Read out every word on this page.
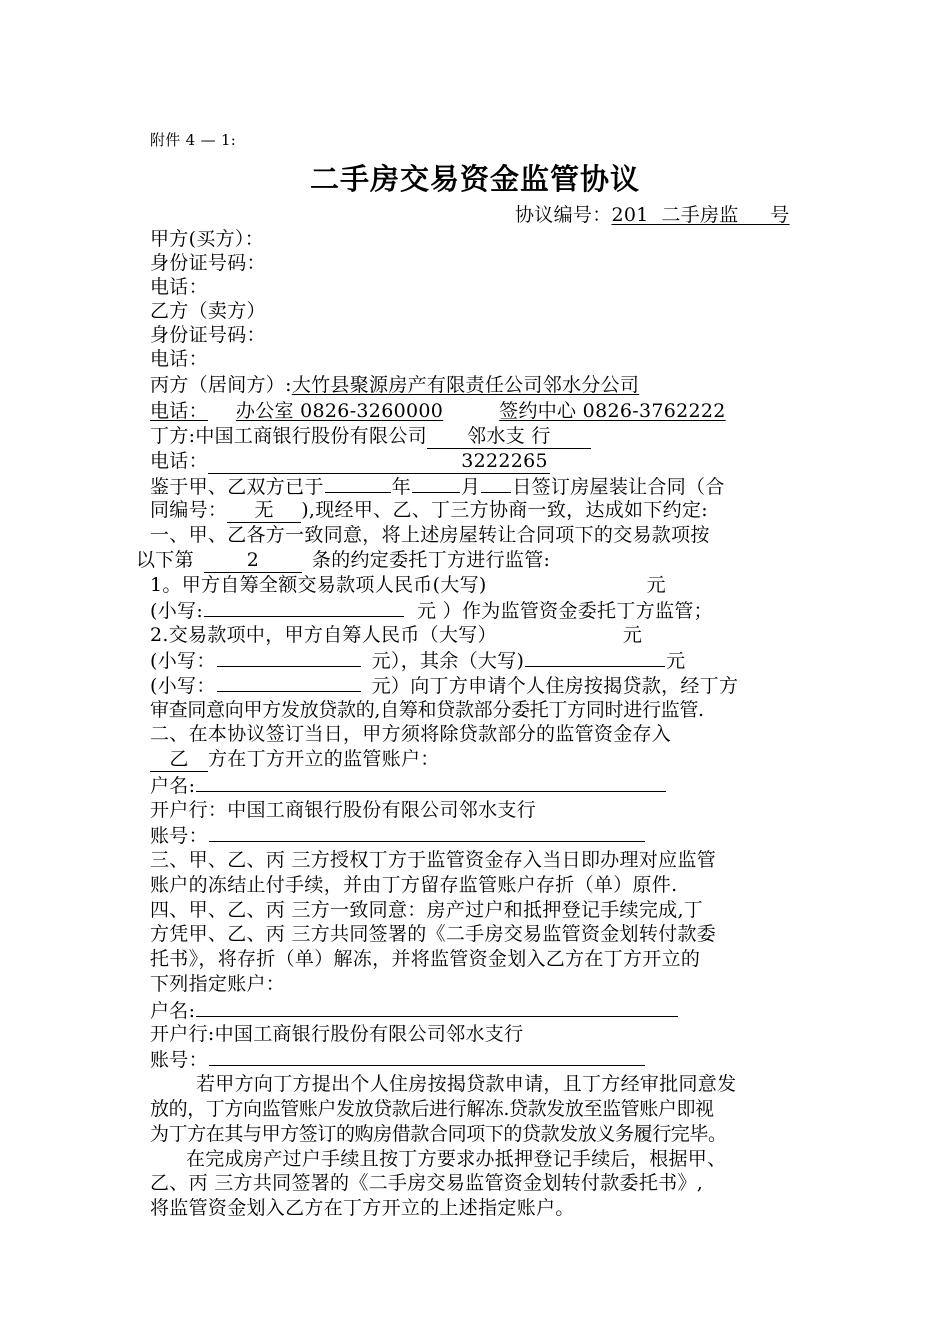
附件 4 — 1:
二手房交易资金监管协议
协议编号：201  二手房监     号
甲方(买方）：
身份证号码：
电话：
乙方（卖方）
身份证号码：
电话：
丙方（居间方）:大竹县聚源房产有限责任公司邻水分公司
电话： 办公室 0826-3260000	签约中心 0826-3762222
丁方:中国工商银行股份有限公司 邻水支 行
电话：	3222265
鉴于甲、乙双方已于	年	月 日签订房屋装让合同（合
同编号： 无 ),现经甲、乙、丁三方协商一致，达成如下约定:
一、甲、乙各方一致同意，将上述房屋转让合同项下的交易款项按
以下第	2	条的约定委托丁方进行监管:
1。甲方自筹全额交易款项人民币(大写)	元
(小写:	元 ）作为监管资金委托丁方监管；
2.交易款项中，甲方自筹人民币（大写）	元
(小写：	元），其余（大写)	元
(小写：	元）向丁方申请个人住房按揭贷款，经丁方
审查同意向甲方发放贷款的,自筹和贷款部分委托丁方同时进行监管.
二、在本协议签订当日，甲方须将除贷款部分的监管资金存入
乙 方在丁方开立的监管账户：
户名:
开户行：中国工商银行股份有限公司邻水支行
账号：
三、甲、乙、丙 三方授权丁方于监管资金存入当日即办理对应监管
账户的冻结止付手续，并由丁方留存监管账户存折（单）原件.
四、甲、乙、丙 三方一致同意：房产过户和抵押登记手续完成,丁
方凭甲、乙、丙 三方共同签署的《二手房交易监管资金划转付款委
托书》，将存折（单）解冻，并将监管资金划入乙方在丁方开立的
下列指定账户：
户名:
开户行:中国工商银行股份有限公司邻水支行
账号：
若甲方向丁方提出个人住房按揭贷款申请，且丁方经审批同意发
放的，丁方向监管账户发放贷款后进行解冻.贷款发放至监管账户即视
为丁方在其与甲方签订的购房借款合同项下的贷款发放义务履行完毕。
在完成房产过户手续且按丁方要求办抵押登记手续后，根据甲、
乙、丙 三方共同签署的《二手房交易监管资金划转付款委托书》,
将监管资金划入乙方在丁方开立的上述指定账户。
